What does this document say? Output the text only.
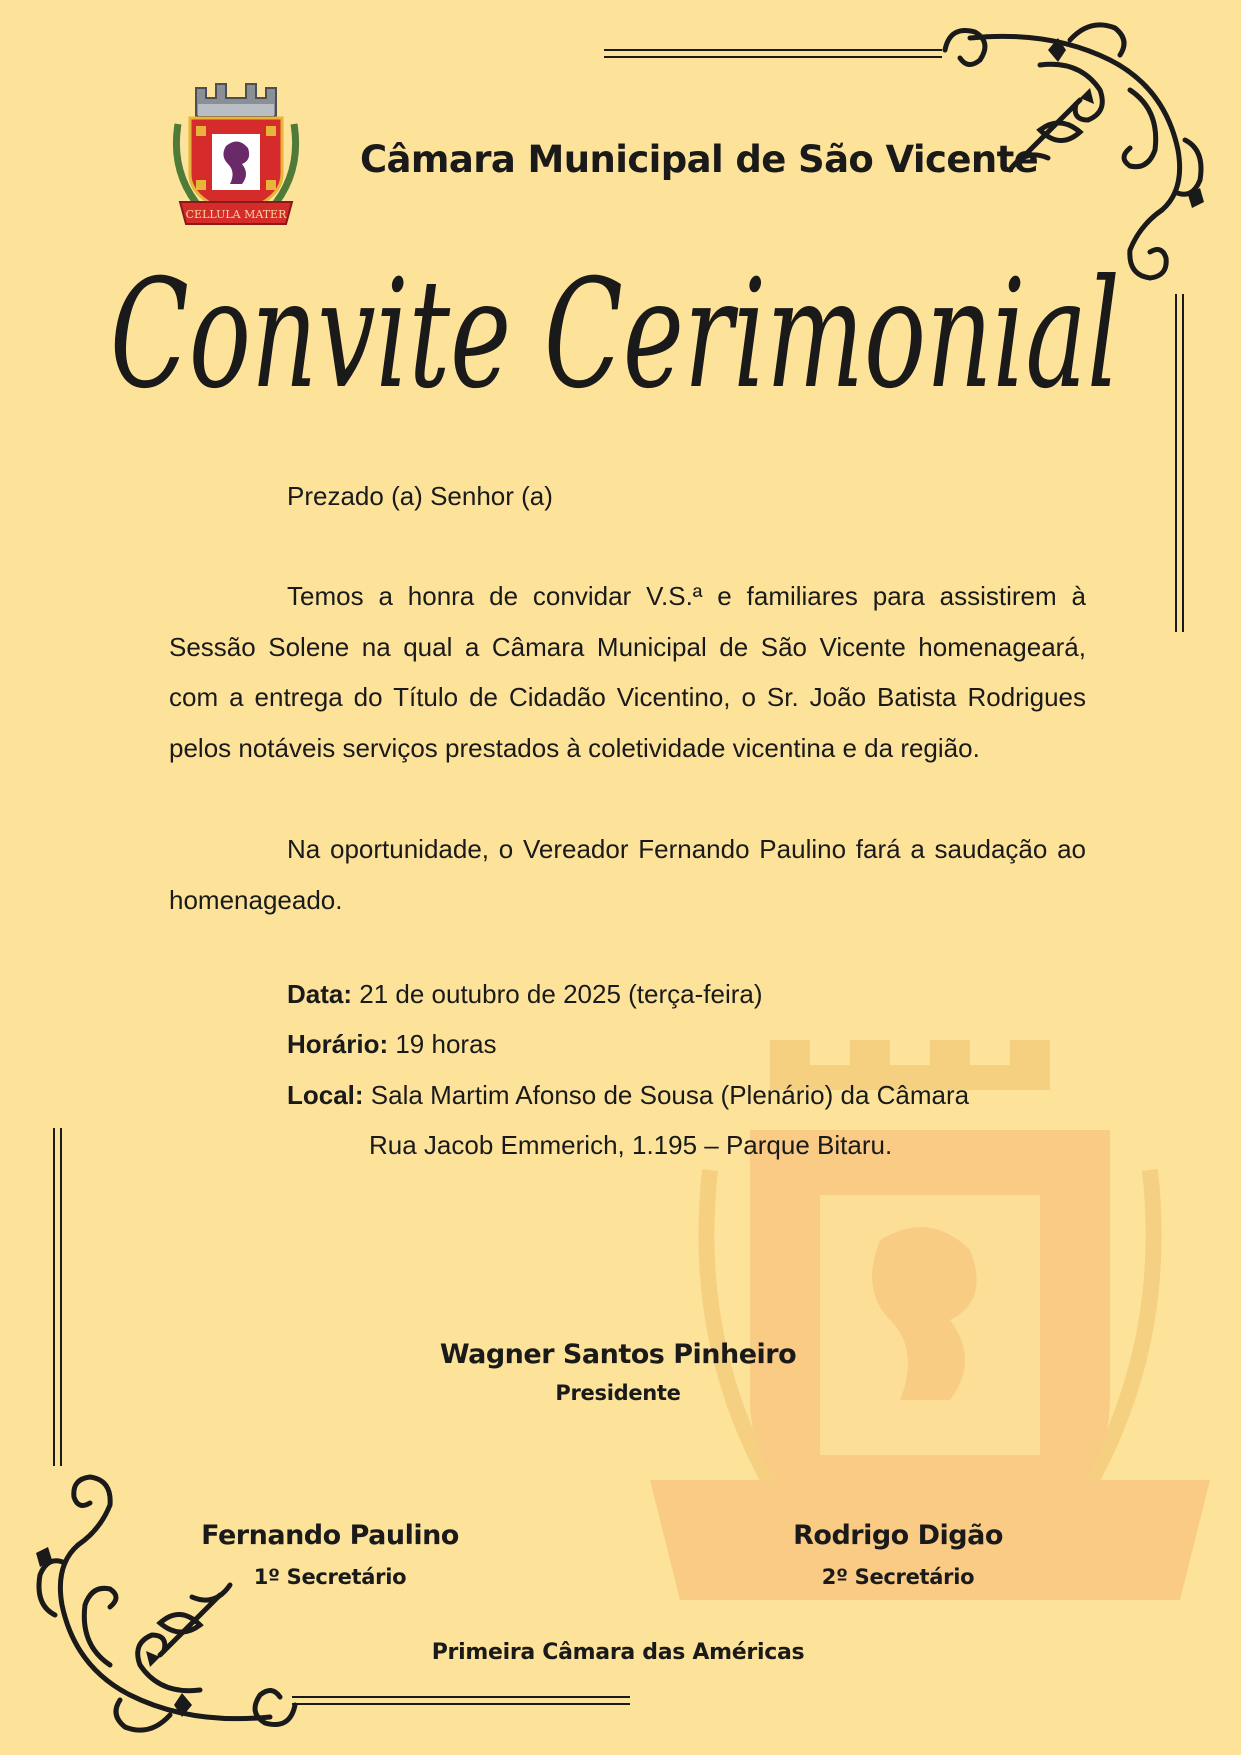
CELLULA MATER
Câmara Municipal de São Vicente
Convite Cerimonial
Prezado (a) Senhor (a)
Temos a honra de convidar V.S.ª e familiares para assistirem à Sessão Solene na qual a Câmara Municipal de São Vicente homenageará, com a entrega do Título de Cidadão Vicentino, o Sr. João Batista Rodrigues pelos notáveis serviços prestados à coletividade vicentina e da região.
Na oportunidade, o Vereador Fernando Paulino fará a saudação ao homenageado.
Data: 21 de outubro de 2025 (terça-feira)
Horário: 19 horas
Local: Sala Martim Afonso de Sousa (Plenário) da Câmara
Rua Jacob Emmerich, 1.195 – Parque Bitaru.
Wagner Santos Pinheiro
Presidente
Fernando Paulino
1º Secretário
Rodrigo Digão
2º Secretário
Primeira Câmara das Américas
